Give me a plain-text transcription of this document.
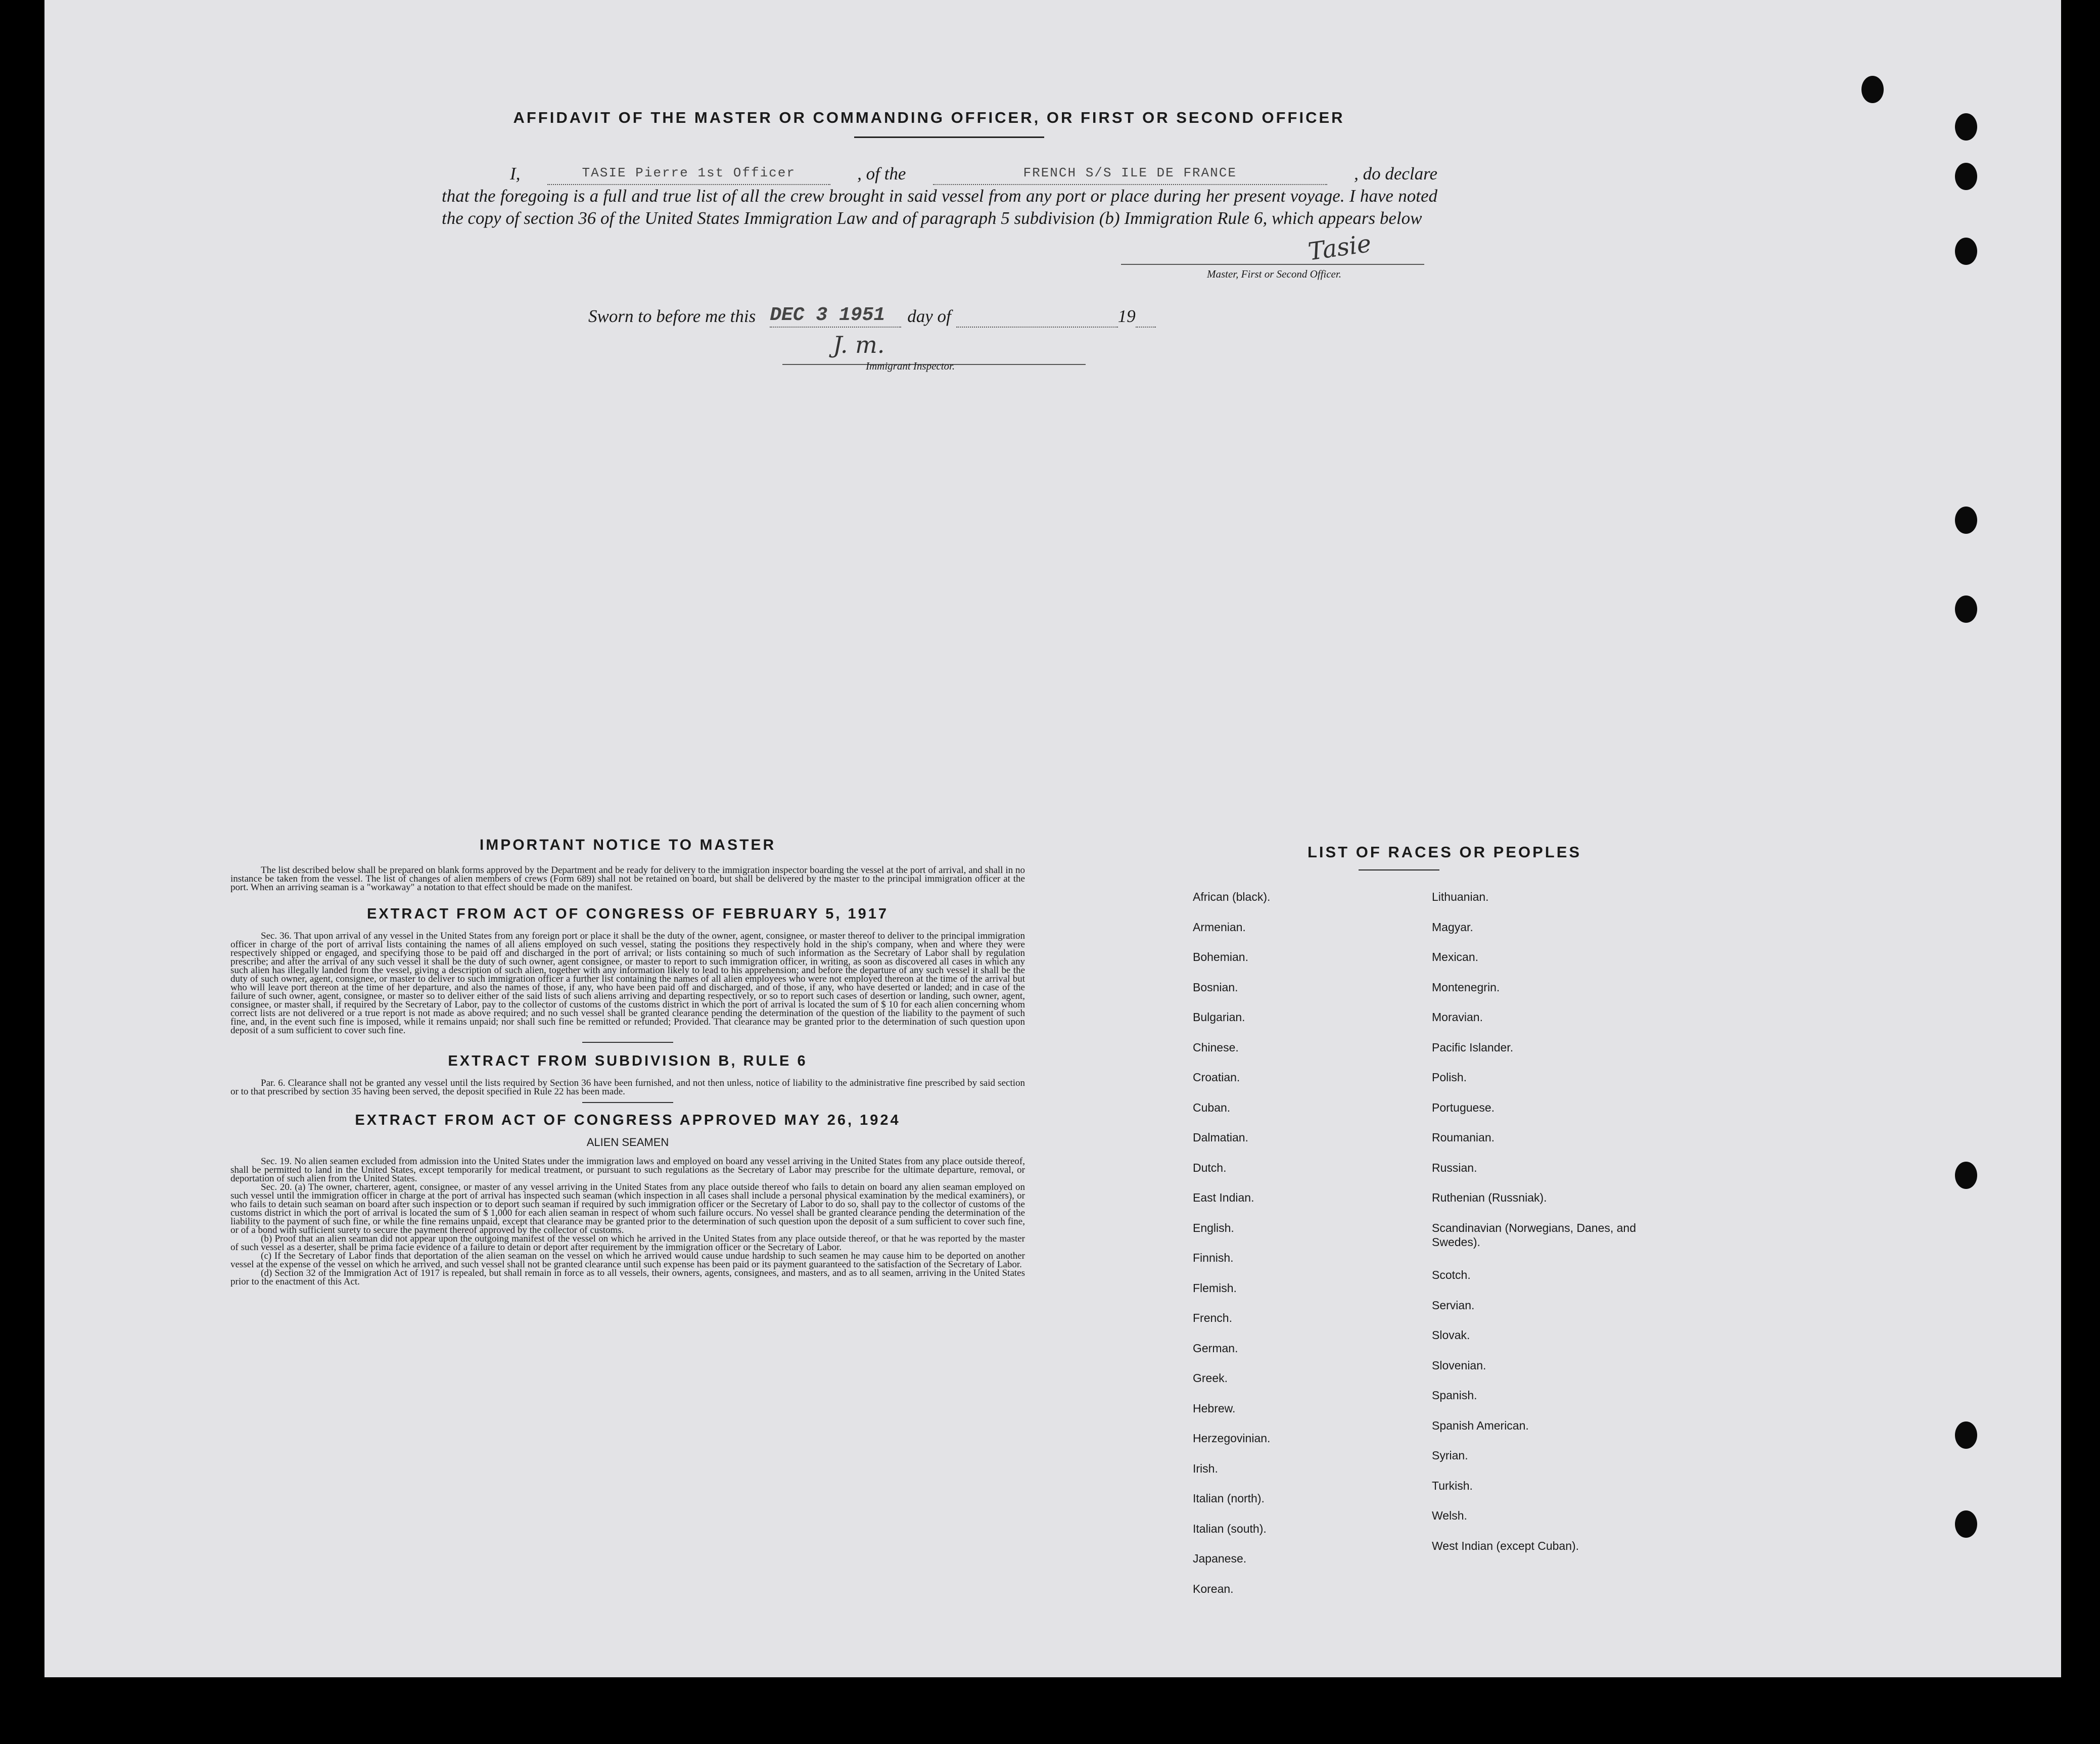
AFFIDAVIT OF THE MASTER OR COMMANDING OFFICER, OR FIRST OR SECOND OFFICER
I,	TASIE Pierre 1st Officer	, of the	FRENCH S/S ILE DE FRANCE	, do declare
that the foregoing is a full and true list of all the crew brought in said vessel from any port or place during her present voyage. I have noted the copy of section 36 of the United States Immigration Law and of paragraph 5 subdivision (b) Immigration Rule 6, which appears below
Tasie
Master, First or Second Officer.
Sworn to before me this DEC 3 1951	day of	19
J. m.
Immigrant Inspector.
IMPORTANT NOTICE TO MASTER

The list described below shall be prepared on blank forms approved by the Department and be ready for delivery to the immigration inspector boarding the vessel at the port of arrival, and shall in no instance be taken from the vessel. The list of changes of alien members of crews (Form 689) shall not be retained on board, but shall be delivered by the master to the principal immigration officer at the port. When an arriving seaman is a "workaway" a notation to that effect should be made on the manifest.

EXTRACT FROM ACT OF CONGRESS OF FEBRUARY 5, 1917

Sec. 36. That upon arrival of any vessel in the United States from any foreign port or place it shall be the duty of the owner, agent, consignee, or master thereof to deliver to the principal immigration officer in charge of the port of arrival lists containing the names of all aliens employed on such vessel, stating the positions they respectively hold in the ship's company, when and where they were respectively shipped or engaged, and specifying those to be paid off and discharged in the port of arrival; or lists containing so much of such information as the Secretary of Labor shall by regulation prescribe; and after the arrival of any such vessel it shall be the duty of such owner, agent consignee, or master to report to such immigration officer, in writing, as soon as discovered all cases in which any such alien has illegally landed from the vessel, giving a description of such alien, together with any information likely to lead to his apprehension; and before the departure of any such vessel it shall be the duty of such owner, agent, consignee, or master to deliver to such immigration officer a further list containing the names of all alien employees who were not employed thereon at the time of the arrival but who will leave port thereon at the time of her departure, and also the names of those, if any, who have been paid off and discharged, and of those, if any, who have deserted or landed; and in case of the failure of such owner, agent, consignee, or master so to deliver either of the said lists of such aliens arriving and departing respectively, or so to report such cases of desertion or landing, such owner, agent, consignee, or master shall, if required by the Secretary of Labor, pay to the collector of customs of the customs district in which the port of arrival is located the sum of $ 10 for each alien concerning whom correct lists are not delivered or a true report is not made as above required; and no such vessel shall be granted clearance pending the determination of the question of the liability to the payment of such fine, and, in the event such fine is imposed, while it remains unpaid; nor shall such fine be remitted or refunded; Provided. That clearance may be granted prior to the determination of such question upon deposit of a sum sufficient to cover such fine.

EXTRACT FROM SUBDIVISION B, RULE 6

Par. 6. Clearance shall not be granted any vessel until the lists required by Section 36 have been furnished, and not then unless, notice of liability to the administrative fine prescribed by said section or to that prescribed by section 35 having been served, the deposit specified in Rule 22 has been made.

EXTRACT FROM ACT OF CONGRESS APPROVED MAY 26, 1924

ALIEN SEAMEN

Sec. 19. No alien seamen excluded from admission into the United States under the immigration laws and employed on board any vessel arriving in the United States from any place outside thereof, shall be permitted to land in the United States, except temporarily for medical treatment, or pursuant to such regulations as the Secretary of Labor may prescribe for the ultimate departure, removal, or deportation of such alien from the United States.

Sec. 20. (a) The owner, charterer, agent, consignee, or master of any vessel arriving in the United States from any place outside thereof who fails to detain on board any alien seaman employed on such vessel until the immigration officer in charge at the port of arrival has inspected such seaman (which inspection in all cases shall include a personal physical examination by the medical examiners), or who fails to detain such seaman on board after such inspection or to deport such seaman if required by such immigration officer or the Secretary of Labor to do so, shall pay to the collector of customs of the customs district in which the port of arrival is located the sum of $ 1,000 for each alien seaman in respect of whom such failure occurs. No vessel shall be granted clearance pending the determination of the liability to the payment of such fine, or while the fine remains unpaid, except that clearance may be granted prior to the determination of such question upon the deposit of a sum sufficient to cover such fine, or of a bond with sufficient surety to secure the payment thereof approved by the collector of customs.

(b) Proof that an alien seaman did not appear upon the outgoing manifest of the vessel on which he arrived in the United States from any place outside thereof, or that he was reported by the master of such vessel as a deserter, shall be prima facie evidence of a failure to detain or deport after requirement by the immigration officer or the Secretary of Labor.

(c) If the Secretary of Labor finds that deportation of the alien seaman on the vessel on which he arrived would cause undue hardship to such seamen he may cause him to be deported on another vessel at the expense of the vessel on which he arrived, and such vessel shall not be granted clearance until such expense has been paid or its payment guaranteed to the satisfaction of the Secretary of Labor.

(d) Section 32 of the Immigration Act of 1917 is repealed, but shall remain in force as to all vessels, their owners, agents, consignees, and masters, and as to all seamen, arriving in the United States prior to the enactment of this Act.

LIST OF RACES OR PEOPLES
African (black).
Armenian.
Bohemian.
Bosnian.
Bulgarian.
Chinese.
Croatian.
Cuban.
Dalmatian.
Dutch.
East Indian.
English.
Finnish.
Flemish.
French.
German.
Greek.
Hebrew.
Herzegovinian.
Irish.
Italian (north).
Italian (south).
Japanese.
Korean.
Lithuanian.
Magyar.
Mexican.
Montenegrin.
Moravian.
Pacific Islander.
Polish.
Portuguese.
Roumanian.
Russian.
Ruthenian (Russniak).
Scandinavian (Norwegians, Danes, and Swedes).
Scotch.
Servian.
Slovak.
Slovenian.
Spanish.
Spanish American.
Syrian.
Turkish.
Welsh.
West Indian (except Cuban).
